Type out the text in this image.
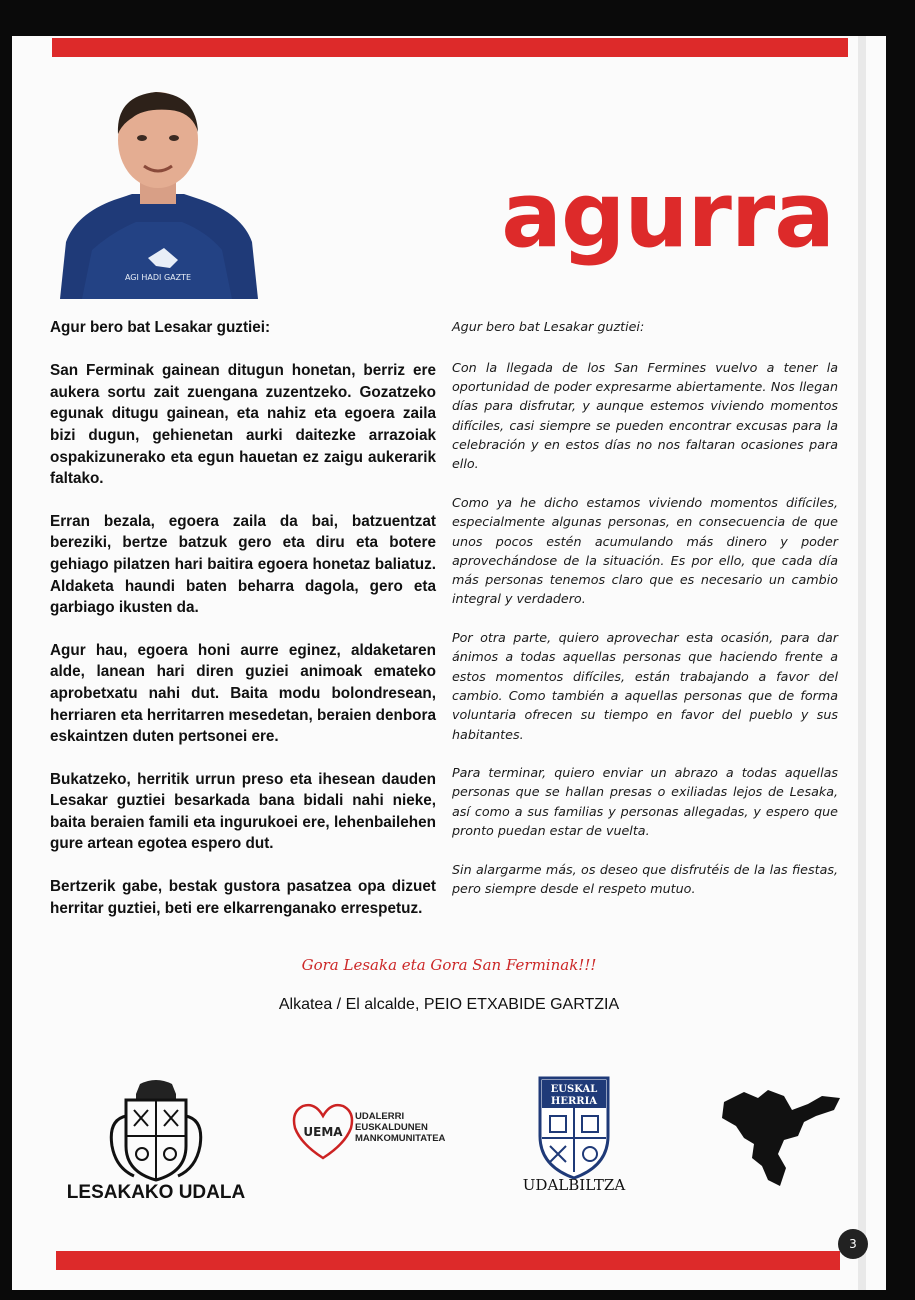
AGI HADI GAZTE
agurra

Agur bero bat Lesakar guztiei:

San Ferminak gainean ditugun honetan, berriz ere aukera sortu zait zuengana zuzentzeko. Gozatzeko egunak ditugu gainean, eta nahiz eta egoera zaila bizi dugun, gehienetan aurki daitezke arrazoiak ospakizunerako eta egun hauetan ez zaigu aukerarik faltako.

Erran bezala, egoera zaila da bai, batzuentzat bereziki, bertze batzuk gero eta diru eta botere gehiago pilatzen hari baitira egoera honetaz baliatuz. Aldaketa haundi baten beharra dagola, gero eta garbiago ikusten da.

Agur hau, egoera honi aurre eginez, aldaketaren alde, lanean hari diren guziei animoak emateko aprobetxatu nahi dut. Baita modu bolondresean, herriaren eta herritarren mesedetan, beraien denbora eskaintzen duten pertsonei ere.

Bukatzeko, herritik urrun preso eta ihesean dauden Lesakar guztiei besarkada bana bidali nahi nieke, baita beraien famili eta ingurukoei ere, lehenbailehen gure artean egotea espero dut.

Bertzerik gabe, bestak gustora pasatzea opa dizuet herritar guztiei, beti ere elkarrenganako errespetuz.

Agur bero bat Lesakar guztiei:

Con la llegada de los San Fermines vuelvo a tener la oportunidad de poder expresarme abiertamente. Nos llegan días para disfrutar, y aunque estemos viviendo momentos difíciles, casi siempre se pueden encontrar excusas para la celebración y en estos días no nos faltaran ocasiones para ello.

Como ya he dicho estamos viviendo momentos difíciles, especialmente algunas personas, en consecuencia de que unos pocos estén acumulando más dinero y poder aprovechándose de la situación. Es por ello, que cada día más personas tenemos claro que es necesario un cambio integral y verdadero.

Por otra parte, quiero aprovechar esta ocasión, para dar ánimos a todas aquellas personas que haciendo frente a estos momentos difíciles, están trabajando a favor del cambio. Como también a aquellas personas que de forma voluntaria ofrecen su tiempo en favor del pueblo y sus habitantes.

Para terminar, quiero enviar un abrazo a todas aquellas personas que se hallan presas o exiliadas lejos de Lesaka, así como a sus familias y personas allegadas, y espero que pronto puedan estar de vuelta.

Sin alargarme más, os deseo que disfrutéis de la las fiestas, pero siempre desde el respeto mutuo.

Gora Lesaka eta Gora San Ferminak!!!

Alkatea / El alcalde, PEIO ETXABIDE GARTZIA

LESAKAKO UDALA

UEMA

UDALERRI
EUSKALDUNEN
MANKOMUNITATEA

EUSKAL
HERRIA

UDALBILTZA

3
